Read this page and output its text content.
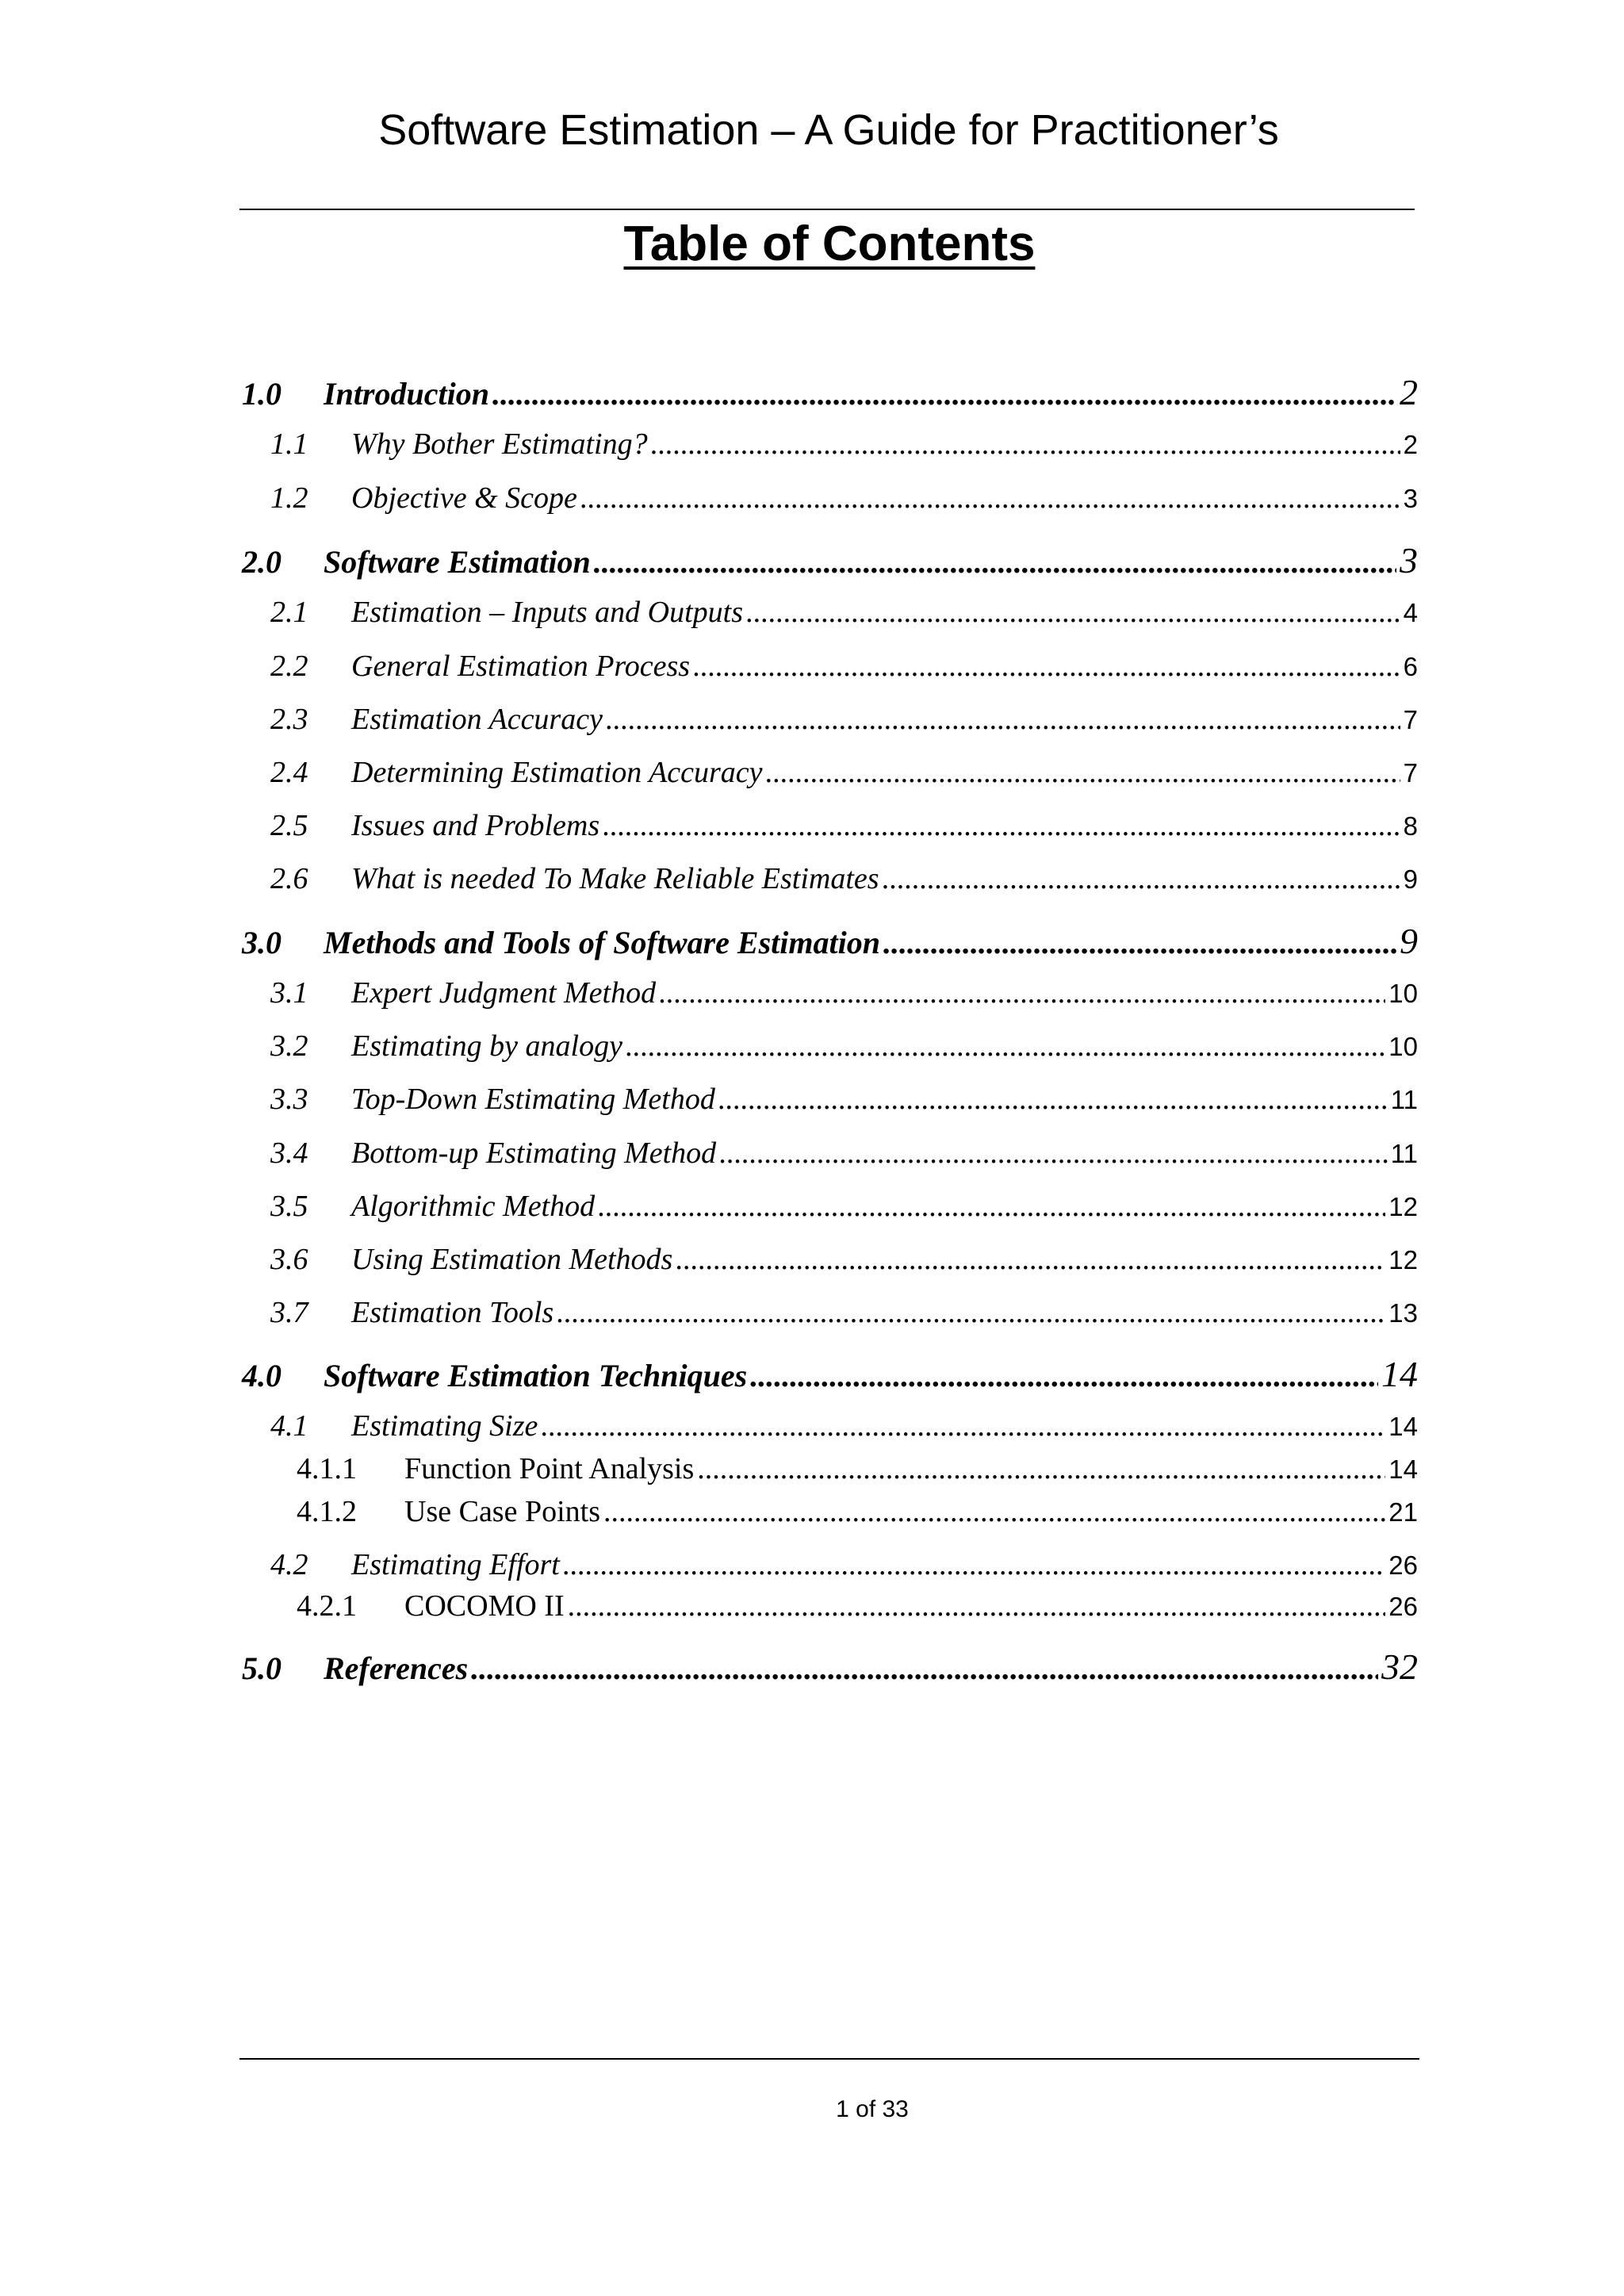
Software Estimation – A Guide for Practitioner’s
Table of Contents
1.0	Introduction .....	2
1.1	Why Bother Estimating? .....	2
1.2	Objective & Scope .....	3
2.0	Software Estimation .....	3
2.1	Estimation – Inputs and Outputs .....	4
2.2	General Estimation Process .....	6
2.3	Estimation Accuracy .....	7
2.4	Determining Estimation Accuracy .....	7
2.5	Issues and Problems .....	8
2.6	What is needed To Make Reliable Estimates .....	9
3.0	Methods and Tools of Software Estimation .....	9
3.1	Expert Judgment Method .....	10
3.2	Estimating by analogy .....	10
3.3	Top-Down Estimating Method .....	11
3.4	Bottom-up Estimating Method .....	11
3.5	Algorithmic Method .....	12
3.6	Using Estimation Methods .....	12
3.7	Estimation Tools .....	13
4.0	Software Estimation Techniques .....	14
4.1	Estimating Size .....	14
4.1.1	Function Point Analysis .....	14
4.1.2	Use Case Points .....	21
4.2	Estimating Effort .....	26
4.2.1	COCOMO II .....	26
5.0	References .....	32
1 of 33
